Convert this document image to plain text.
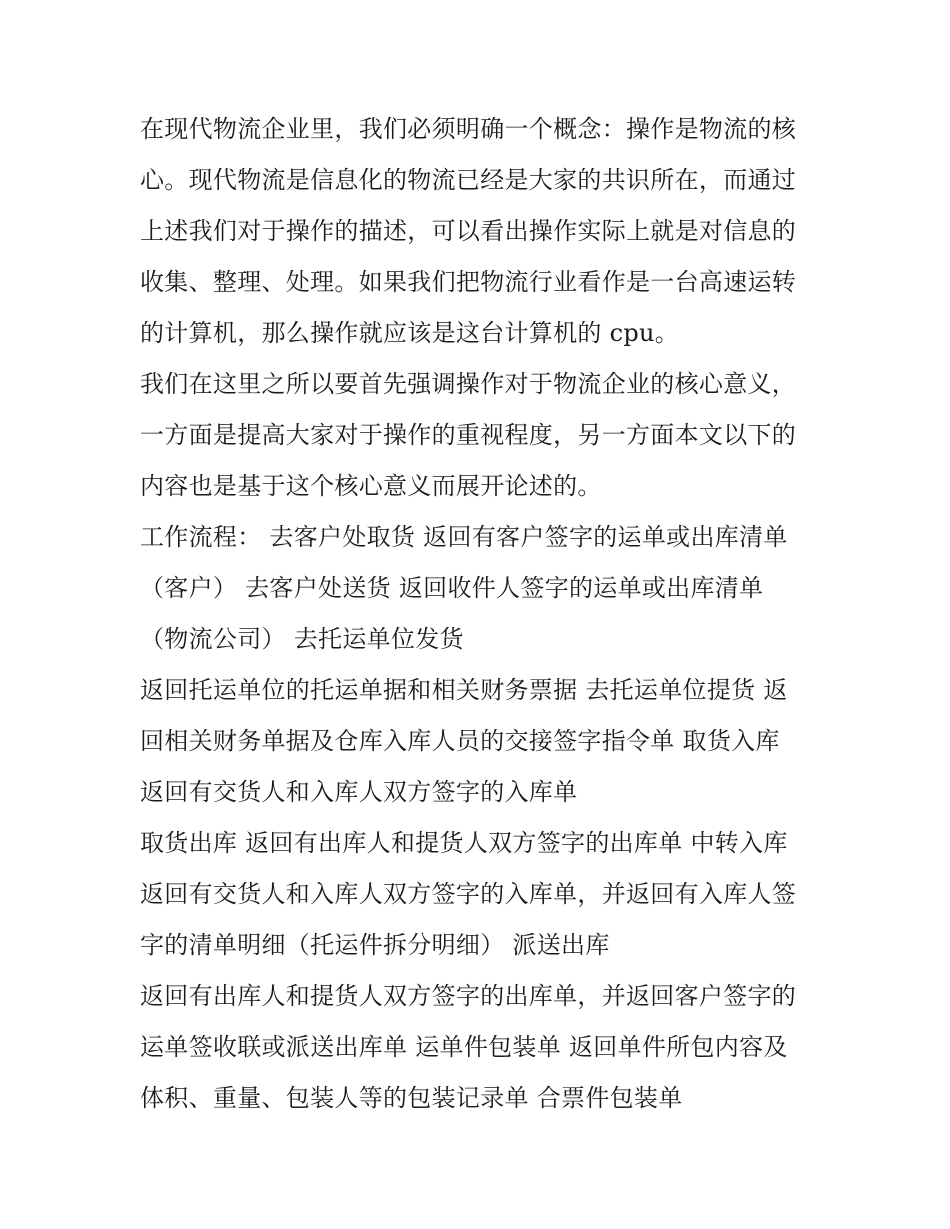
在现代物流企业里，我们必须明确一个概念：操作是物流的核
心。现代物流是信息化的物流已经是大家的共识所在，而通过
上述我们对于操作的描述，可以看出操作实际上就是对信息的
收集、整理、处理。如果我们把物流行业看作是一台高速运转
的计算机，那么操作就应该是这台计算机的 cpu。
我们在这里之所以要首先强调操作对于物流企业的核心意义，
一方面是提高大家对于操作的重视程度，另一方面本文以下的
内容也是基于这个核心意义而展开论述的。
工作流程： 去客户处取货 返回有客户签字的运单或出库清单
（客户） 去客户处送货 返回收件人签字的运单或出库清单
（物流公司） 去托运单位发货
返回托运单位的托运单据和相关财务票据 去托运单位提货 返
回相关财务单据及仓库入库人员的交接签字指令单 取货入库
返回有交货人和入库人双方签字的入库单
取货出库 返回有出库人和提货人双方签字的出库单 中转入库
返回有交货人和入库人双方签字的入库单，并返回有入库人签
字的清单明细（托运件拆分明细） 派送出库
返回有出库人和提货人双方签字的出库单，并返回客户签字的
运单签收联或派送出库单 运单件包装单 返回单件所包内容及
体积、重量、包装人等的包装记录单 合票件包装单
